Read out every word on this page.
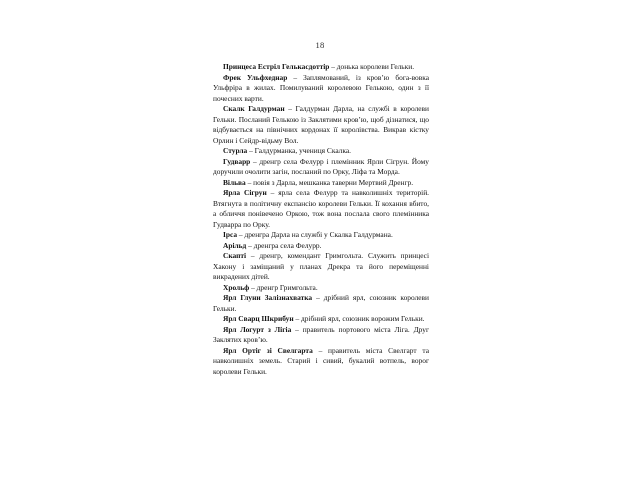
18

Принцеса Естріл Гелькасдоттір – донька королеви Гельки.

Фрек Ульфхеднар – Заплямований, із кров’ю бога-вовка Ульфріра в жилах. Помилуваний королевою Гелькою, один з її почесних варти.

Скалк Галдурман – Галдурман Дарла, на службі в королеви Гельки. Посланий Гелькою із Заклятими кров’ю, щоб дізнатися, що відбувається на північних кордонах її королівства. Викрав кістку Орлин і Сейдр-відьму Вол.

Стурла – Галдурманка, учениця Скалка.

Гудварр – дренгр села Фелурр і племінник Ярли Сігрун. Йому доручили очолити загін, посланий по Орку, Ліфа та Морда.

Вільва – повія з Дарла, мешканка таверни Мертвий Дренгр.

Ярла Сігрун – ярла села Фелурр та навколишніх територій. Втягнута в політичну експансію королеви Гельки. Її кохання вбито, а обличчя понівечено Оркою, тож вона послала свого племінника Гудварра по Орку.

Ірса – дренгра Дарла на службі у Скалка Галдурмана.

Арільд – дренгра села Фелурр.

Скапті – дренгр, комендант Гримгольта. Служить принцесі Хакону і заміщаний у планах Дрекра та його переміщенні викрадених дітей.

Хрольф – дренгр Гримгольта.

Ярл Глуни Залізнахватка – дрібний ярл, союзник королеви Гельки.

Ярл Сварц Шкрибун – дрібний ярл, союзник ворожим Гельки.

Ярл Логурт з Лігіа – правитель портового міста Ліга. Друг Заклятих кров’ю.

Ярл Ортіг зі Свелгарта – правитель міста Свелгарт та навколишніх земель. Старий і сивий, букалий вотпель, ворог королеви Гельки.
